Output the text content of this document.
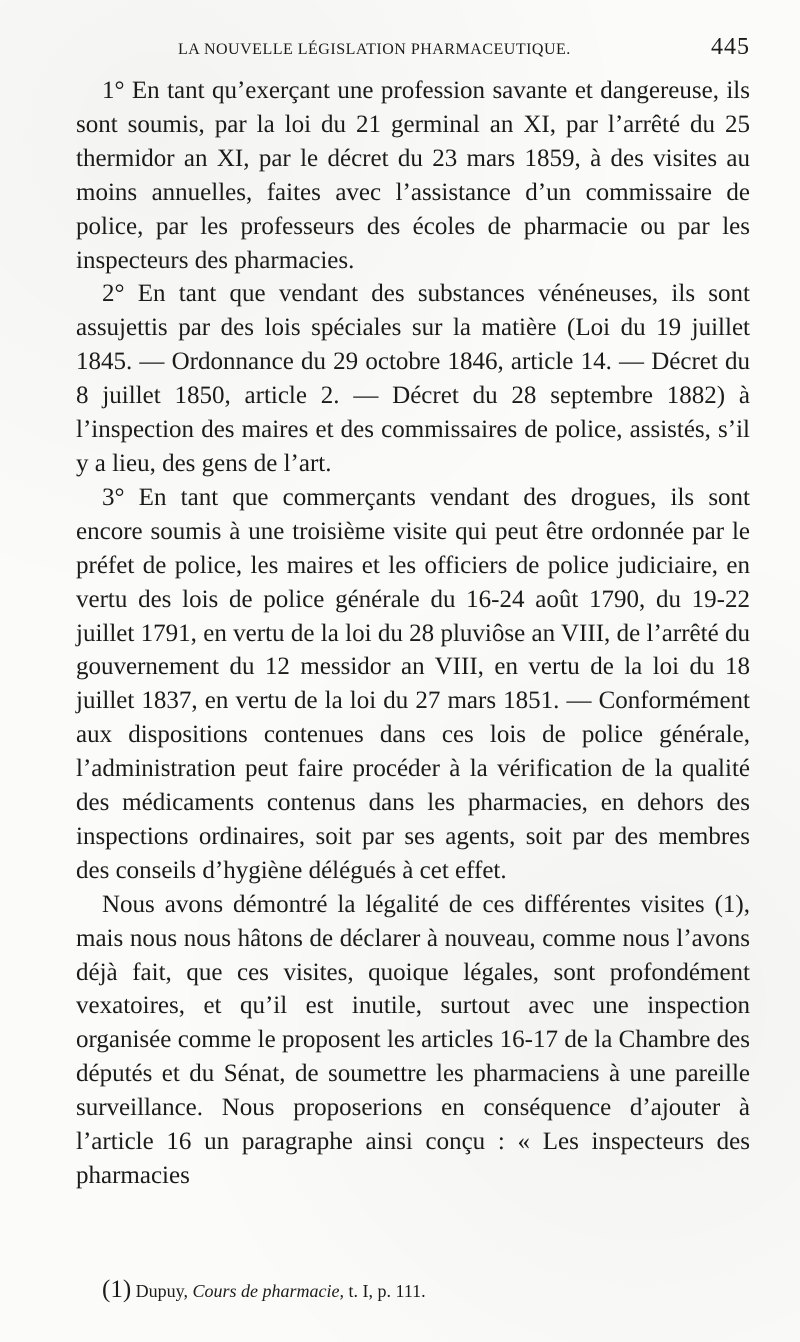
LA NOUVELLE LÉGISLATION PHARMACEUTIQUE.	445

1° En tant qu’exerçant une profession savante et dangereuse, ils sont soumis, par la loi du 21 germinal an XI, par l’arrêté du 25 thermidor an XI, par le décret du 23 mars 1859, à des visites au moins annuelles, faites avec l’assistance d’un commissaire de police, par les professeurs des écoles de pharmacie ou par les inspecteurs des pharmacies.

2° En tant que vendant des substances vénéneuses, ils sont assujettis par des lois spéciales sur la matière (Loi du 19 juillet 1845. — Ordonnance du 29 octobre 1846, article 14. — Décret du 8 juillet 1850, article 2. — Décret du 28 septembre 1882) à l’inspection des maires et des commissaires de police, assistés, s’il y a lieu, des gens de l’art.

3° En tant que commerçants vendant des drogues, ils sont encore soumis à une troisième visite qui peut être ordonnée par le préfet de police, les maires et les officiers de police judiciaire, en vertu des lois de police générale du 16-24 août 1790, du 19-22 juillet 1791, en vertu de la loi du 28 pluviôse an VIII, de l’arrêté du gouvernement du 12 messidor an VIII, en vertu de la loi du 18 juillet 1837, en vertu de la loi du 27 mars 1851. — Conformément aux dispositions contenues dans ces lois de police générale, l’administration peut faire procéder à la vérification de la qualité des médicaments contenus dans les pharmacies, en dehors des inspections ordinaires, soit par ses agents, soit par des membres des conseils d’hygiène délégués à cet effet.

Nous avons démontré la légalité de ces différentes visites (1), mais nous nous hâtons de déclarer à nouveau, comme nous l’avons déjà fait, que ces visites, quoique légales, sont profondément vexatoires, et qu’il est inutile, surtout avec une inspection organisée comme le proposent les articles 16-17 de la Chambre des députés et du Sénat, de soumettre les pharmaciens à une pareille surveillance. Nous proposerions en conséquence d’ajouter à l’article 16 un paragraphe ainsi conçu : « Les inspecteurs des pharmacies

(1) Dupuy, Cours de pharmacie, t. I, p. 111.
